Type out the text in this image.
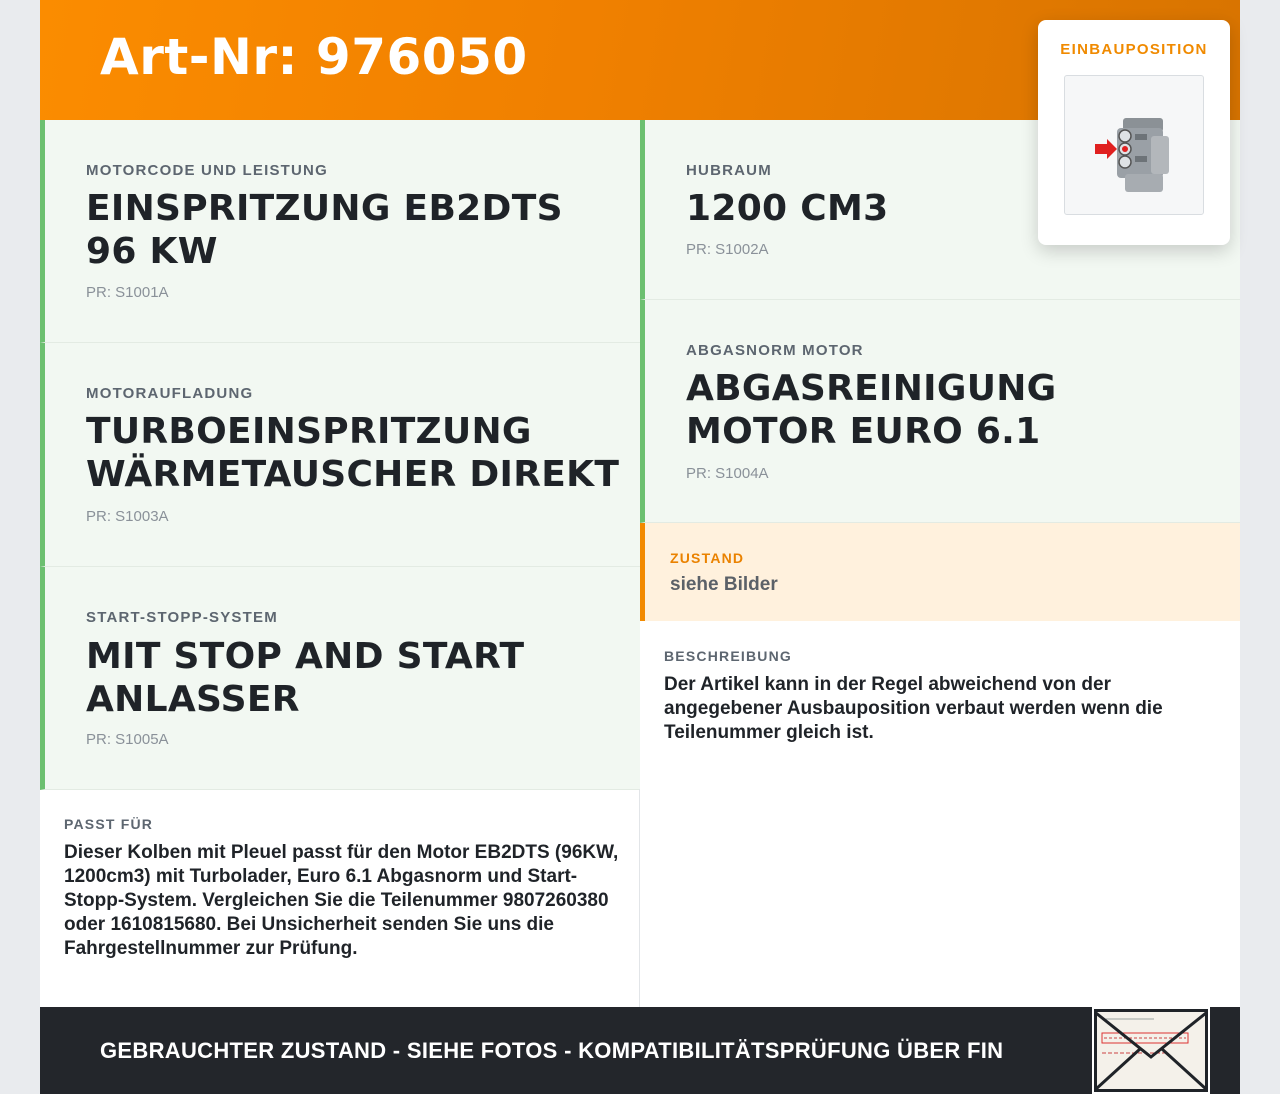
Art-Nr: 976050
MOTORCODE UND LEISTUNG
EINSPRITZUNG EB2DTS 96 KW
PR: S1001A
MOTORAUFLADUNG
TURBOEINSPRITZUNG WÄRMETAUSCHER DIREKT
PR: S1003A
START-STOPP-SYSTEM
MIT STOP AND START ANLASSER
PR: S1005A
HUBRAUM
1200 CM3
PR: S1002A
ABGASNORM MOTOR
ABGASREINIGUNG MOTOR EURO 6.1
PR: S1004A
ZUSTAND
siehe Bilder
PASST FÜR
Dieser Kolben mit Pleuel passt für den Motor EB2DTS (96KW, 1200cm3) mit Turbolader, Euro 6.1 Abgasnorm und Start-Stopp-System. Vergleichen Sie die Teilenummer 9807260380 oder 1610815680. Bei Unsicherheit senden Sie uns die Fahrgestellnummer zur Prüfung.
BESCHREIBUNG
Der Artikel kann in der Regel abweichend von der angegebener Ausbauposition verbaut werden wenn die Teilenummer gleich ist.
GEBRAUCHTER ZUSTAND - SIEHE FOTOS - KOMPATIBILITÄTSPRÜFUNG ÜBER FIN
EINBAUPOSITION
